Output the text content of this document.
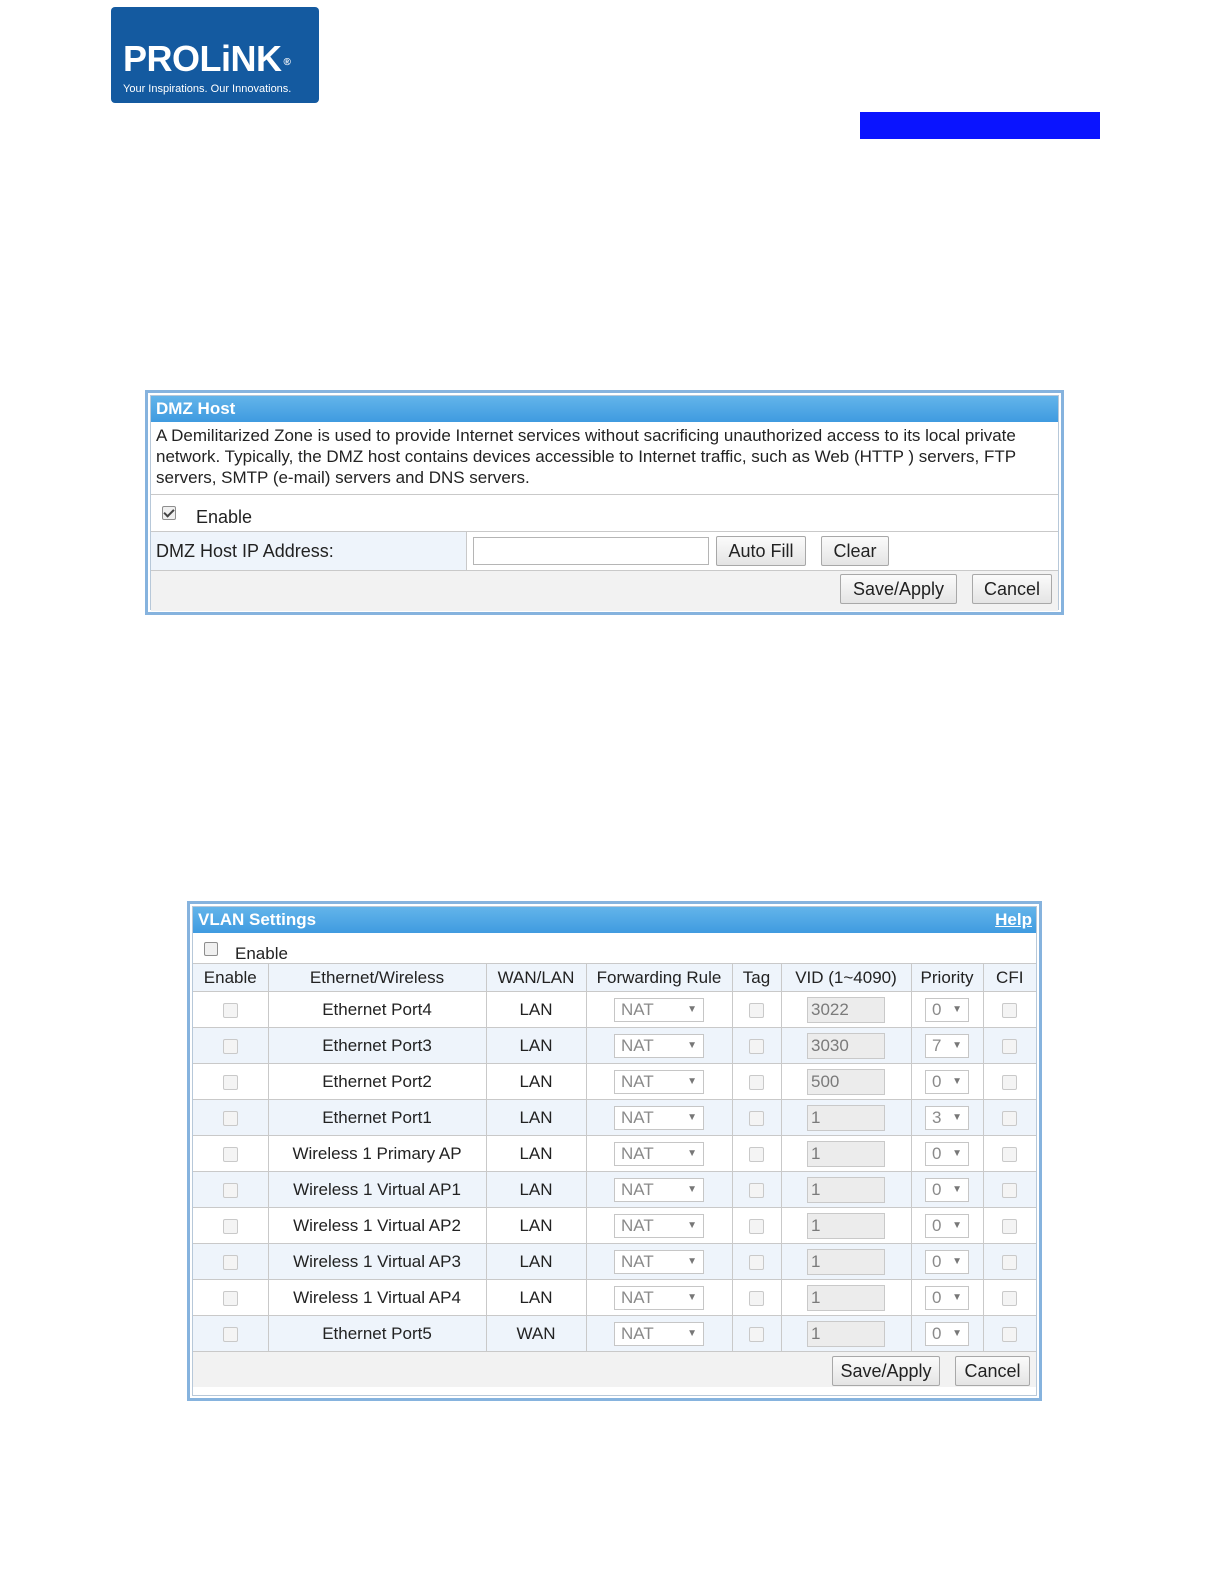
PROLiNK ®
Your Inspirations. Our Innovations.
DMZ Host
A Demilitarized Zone is used to provide Internet services without sacrificing unauthorized access to its local private network. Typically, the DMZ host contains devices accessible to Internet traffic, such as Web (HTTP ) servers, FTP servers, SMTP (e-mail) servers and DNS servers.
Enable
DMZ Host IP Address:	Auto Fill	Clear
Save/Apply	Cancel
VLAN Settings	Help
Enable
Enable	Ethernet/Wireless	WAN/LAN	Forwarding Rule	Tag	VID (1~4090)	Priority	CFI
	Ethernet Port4	LAN	NAT ▼		3022	0 ▼	

	Ethernet Port3	LAN	NAT ▼		3030	7 ▼	

	Ethernet Port2	LAN	NAT ▼		500	0 ▼	

	Ethernet Port1	LAN	NAT ▼		1	3 ▼	

	Wireless 1 Primary AP	LAN	NAT ▼		1	0 ▼	

	Wireless 1 Virtual AP1	LAN	NAT ▼		1	0 ▼	

	Wireless 1 Virtual AP2	LAN	NAT ▼		1	0 ▼	

	Wireless 1 Virtual AP3	LAN	NAT ▼		1	0 ▼	

	Wireless 1 Virtual AP4	LAN	NAT ▼		1	0 ▼	

	Ethernet Port5	WAN	NAT ▼		1	0 ▼	

Save/Apply	Cancel
